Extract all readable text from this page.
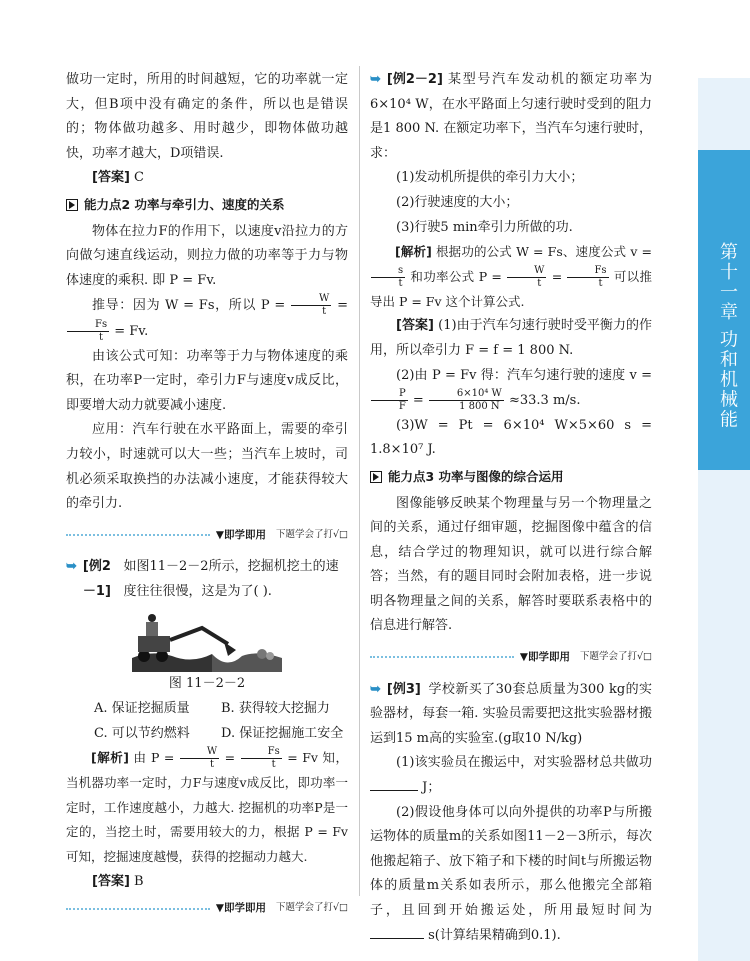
做功一定时，所用的时间越短，它的功率就一定大，但B项中没有确定的条件，所以也是错误的；物体做功越多、用时越少，即物体做功越快，功率才越大，D项错误.

[答案] C

能力点2 功率与牵引力、速度的关系

物体在拉力F的作用下，以速度v沿拉力的方向做匀速直线运动，则拉力做的功率等于力与物体速度的乘积. 即 P = Fv.

推导：因为 W = Fs，所以 $P = \frac{W}{t}$ =
$\frac{Fs}{t} = Fv$.

由该公式可知：功率等于力与物体速度的乘积，在功率P一定时，牵引力F与速度v成反比，即要增大动力就要减小速度.

应用：汽车行驶在水平路面上，需要的牵引力较小，时速就可以大一些；当汽车上坡时，司机必须采取换挡的办法减小速度，才能获得较大的牵引力.

▼即学即用 下题学会了打√□
➥ [例2－1]
如图11－2－2所示，挖掘机挖土的速度往往很慢，这是为了( ).
图 11－2－2
A. 保证挖掘质量	B. 获得较大挖掘力
C. 可以节约燃料	D. 保证挖掘施工安全

[解析] 由 $P = \frac{W}{t} = \frac{Fs}{t} = Fv$ 知，当机器功率一定时，力F与速度v成反比，即功率一定时，工作速度越小，力越大. 挖掘机的功率P是一定的，当挖土时，需要用较大的力，根据 P = Fv 可知，挖掘速度越慢，获得的挖掘动力越大.

[答案] B

▼即学即用 下题学会了打√□
➥ [例2－2] 某型号汽车发动机的额定功率为6×10⁴ W，在水平路面上匀速行驶时受到的阻力是1 800 N. 在额定功率下，当汽车匀速行驶时，求：

(1)发动机所提供的牵引力大小；

(2)行驶速度的大小；

(3)行驶5 min牵引力所做的功.

[解析] 根据功的公式 W = Fs、速度公式 v =
$\frac{s}{t}$ 和功率公式 $P = \frac{W}{t} = \frac{Fs}{t}$ 可以推导出 P = Fv 这个计算公式.

[答案] (1)由于汽车匀速行驶时受平衡力的作用，所以牵引力 F = f = 1 800 N.

(2)由 P = Fv 得：汽车匀速行驶的速度 v =
$\frac{P}{F} = \frac{\text{6×10⁴ W}}{1 800 N} \approx 33.3$ m/s.

(3)W = Pt = 6×10⁴ W×5×60 s = 1.8×10⁷ J.

能力点3 功率与图像的综合运用

图像能够反映某个物理量与另一个物理量之间的关系，通过仔细审题，挖掘图像中蕴含的信息，结合学过的物理知识，就可以进行综合解答；当然，有的题目同时会附加表格，进一步说明各物理量之间的关系，解答时要联系表格中的信息进行解答.

▼即学即用 下题学会了打√□
➥ [例3] 学校新买了30套总质量为300 kg的实验器材，每套一箱. 实验员需要把这批实验器材搬运到15 m高的实验室.(g取10 N/kg)

(1)该实验员在搬运中，对实验器材总共做功  J；

(2)假设他身体可以向外提供的功率P与所搬运物体的质量m的关系如图11－2－3所示，每次他搬起箱子、放下箱子和下楼的时间t与所搬运物体的质量m关系如表所示，那么他搬完全部箱子，且回到开始搬运处，所用最短时间为  s(计算结果精确到0.1).

第十一章 功和机械能
